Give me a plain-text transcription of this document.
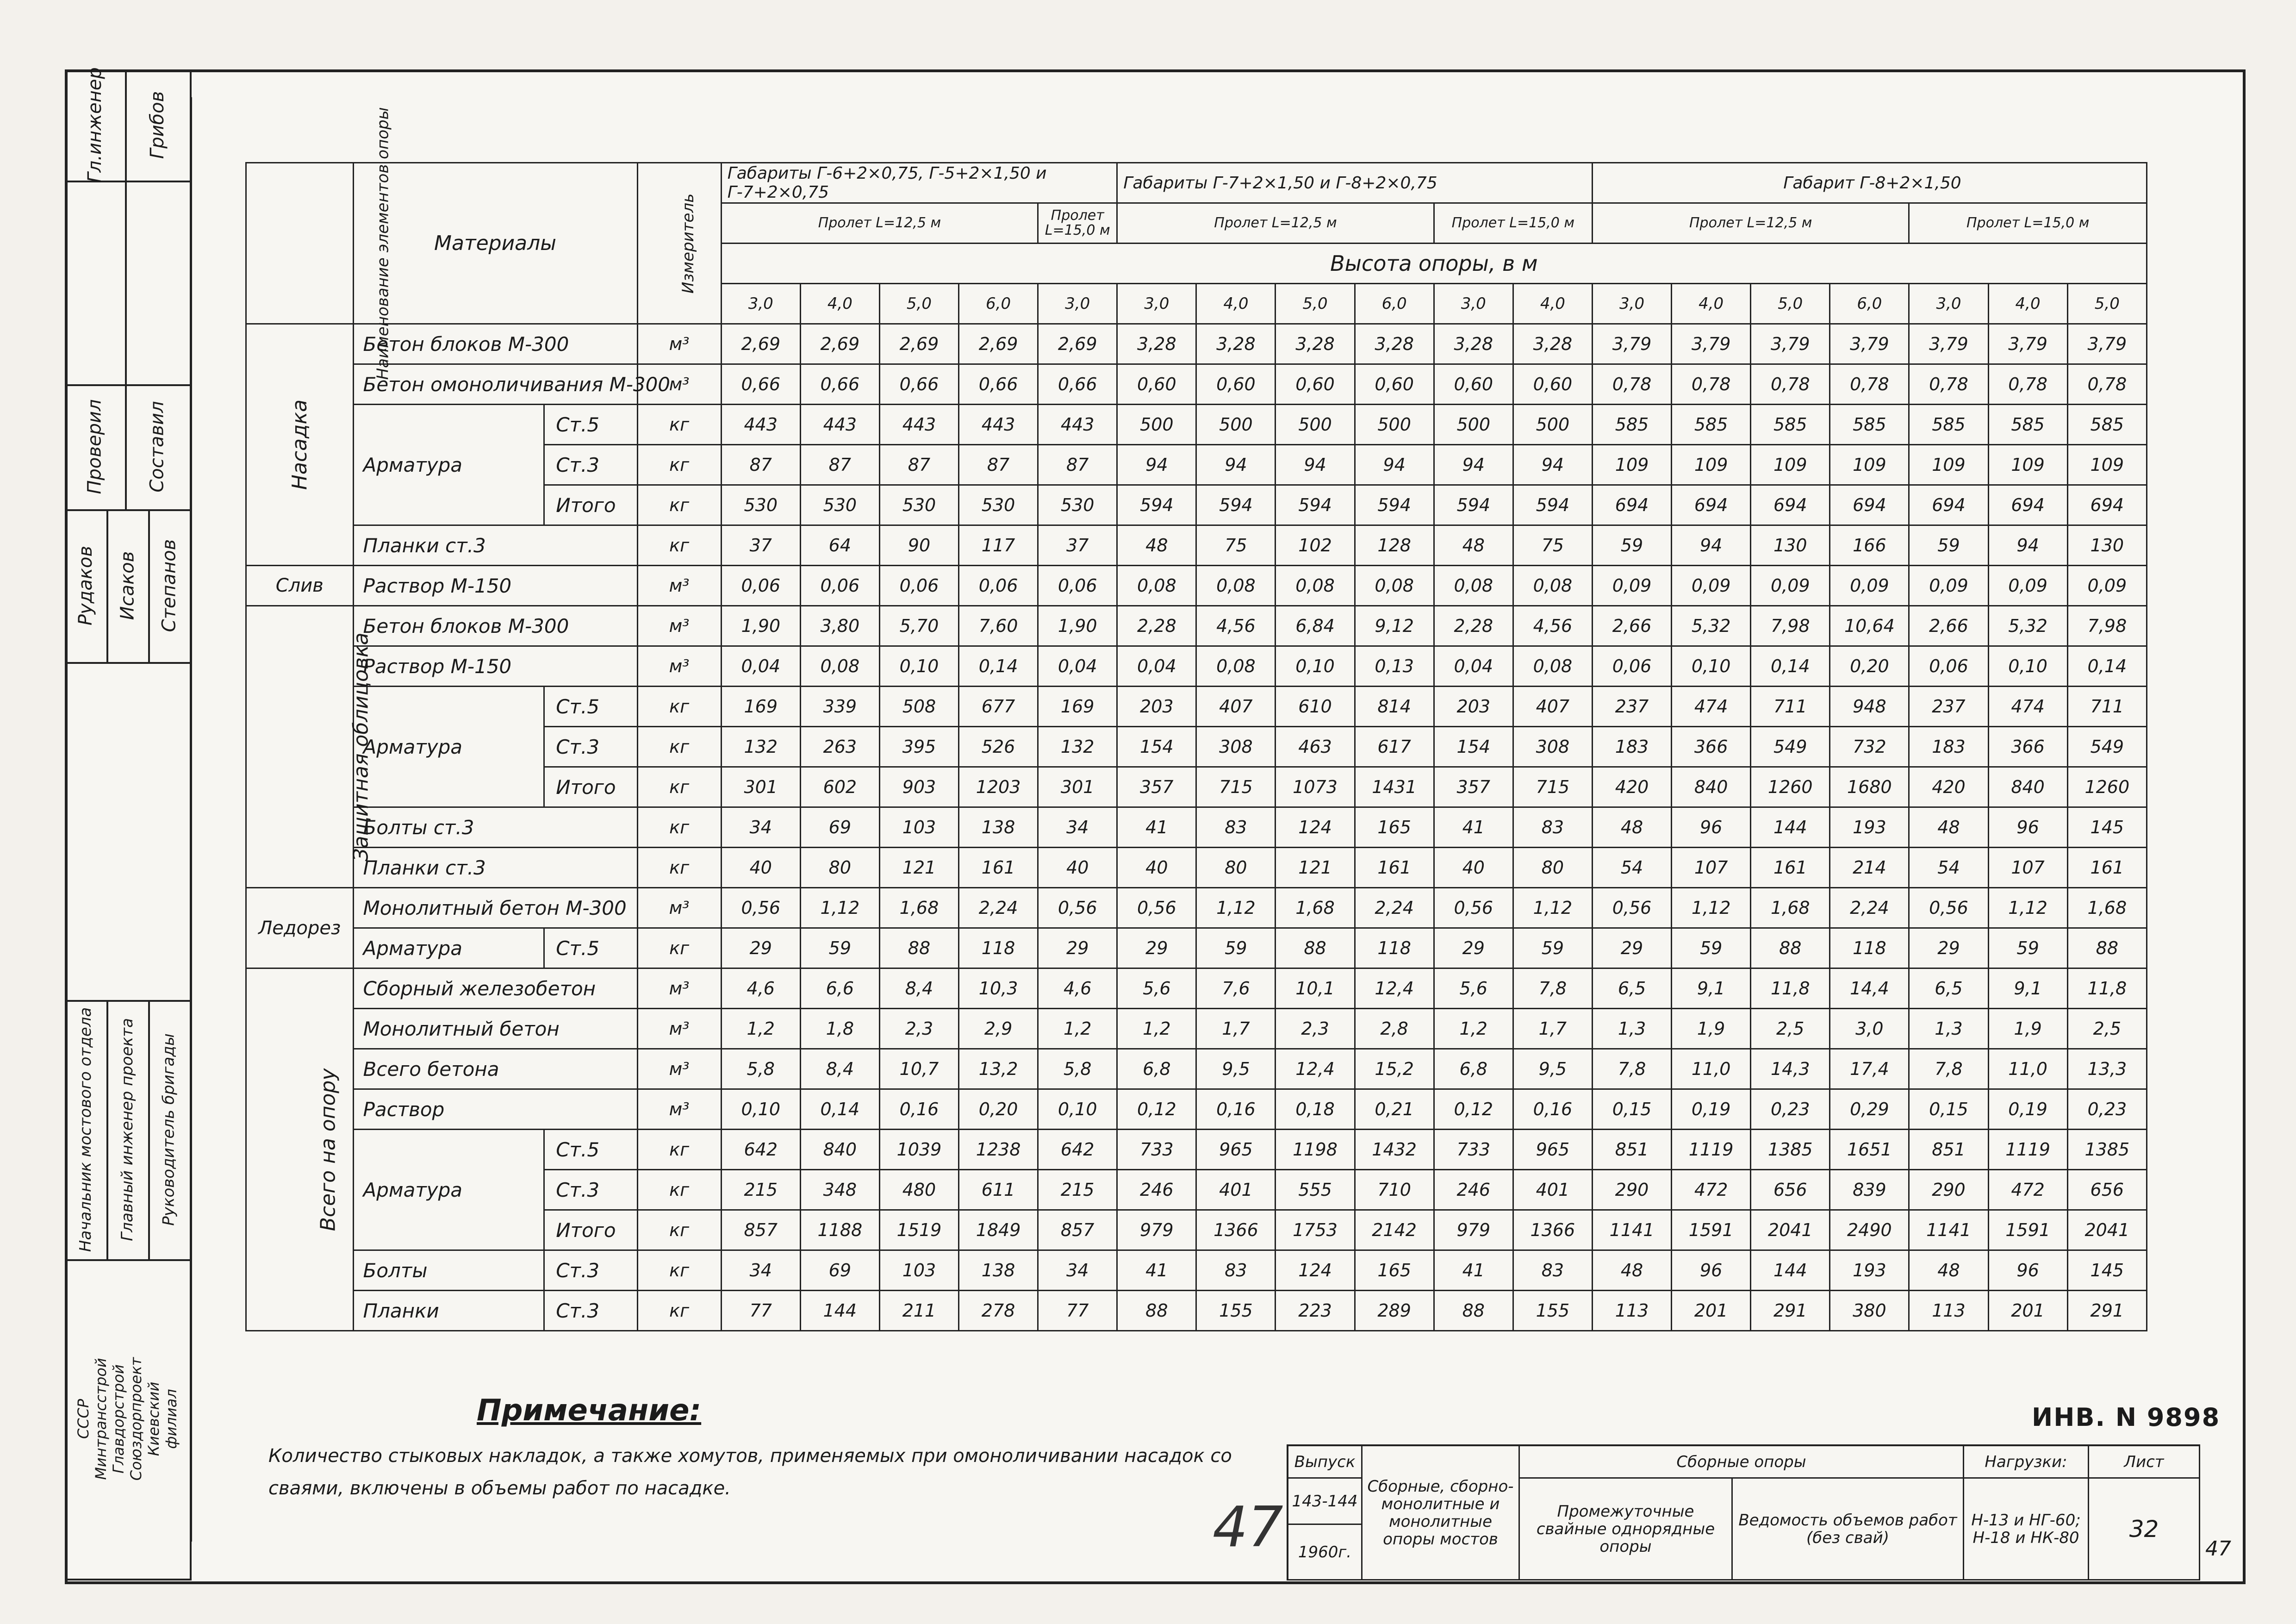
Гл.инженер Грибов
Проверил Составил
Рудаков Исаков Степанов
Начальник мостового отдела Главный инженер проекта Руководитель бригады
СССР Минтрансстрой Главдорстрой Союздорпроект Киевский филиал
Наименование элементов опоры	Материалы		Измеритель	Габариты Г-6+2×0,75, Г-5+2×1,50 и Г-7+2×0,75					Габариты Г-7+2×1,50 и Г-8+2×0,75						Габарит Г-8+2×1,50						
				Пролет L=12,5 м				Пролет L=15,0 м	Пролет L=12,5 м				Пролет L=15,0 м		Пролет L=12,5 м				Пролет L=15,0 м		
				Высота опоры, в м																	
				3,0	4,0	5,0	6,0	3,0	3,0	4,0	5,0	6,0	3,0	4,0	3,0	4,0	5,0	6,0	3,0	4,0	5,0
Насадка	Бетон блоков М-300		м³	2,69	2,69	2,69	2,69	2,69	3,28	3,28	3,28	3,28	3,28	3,28	3,79	3,79	3,79	3,79	3,79	3,79	3,79
	Бетон омоноличивания М-300		м³	0,66	0,66	0,66	0,66	0,66	0,60	0,60	0,60	0,60	0,60	0,60	0,78	0,78	0,78	0,78	0,78	0,78	0,78
	Арматура	Ст.5	кг	443	443	443	443	443	500	500	500	500	500	500	585	585	585	585	585	585	585
		Ст.3	кг	87	87	87	87	87	94	94	94	94	94	94	109	109	109	109	109	109	109
		Итого	кг	530	530	530	530	530	594	594	594	594	594	594	694	694	694	694	694	694	694
	Планки ст.3		кг	37	64	90	117	37	48	75	102	128	48	75	59	94	130	166	59	94	130
Слив	Раствор М-150		м³	0,06	0,06	0,06	0,06	0,06	0,08	0,08	0,08	0,08	0,08	0,08	0,09	0,09	0,09	0,09	0,09	0,09	0,09
Защитная облицовка	Бетон блоков М-300		м³	1,90	3,80	5,70	7,60	1,90	2,28	4,56	6,84	9,12	2,28	4,56	2,66	5,32	7,98	10,64	2,66	5,32	7,98
	Раствор М-150		м³	0,04	0,08	0,10	0,14	0,04	0,04	0,08	0,10	0,13	0,04	0,08	0,06	0,10	0,14	0,20	0,06	0,10	0,14
	Арматура	Ст.5	кг	169	339	508	677	169	203	407	610	814	203	407	237	474	711	948	237	474	711
		Ст.3	кг	132	263	395	526	132	154	308	463	617	154	308	183	366	549	732	183	366	549
		Итого	кг	301	602	903	1203	301	357	715	1073	1431	357	715	420	840	1260	1680	420	840	1260
	Болты ст.3		кг	34	69	103	138	34	41	83	124	165	41	83	48	96	144	193	48	96	145
	Планки ст.3		кг	40	80	121	161	40	40	80	121	161	40	80	54	107	161	214	54	107	161
Ледорез	Монолитный бетон М-300		м³	0,56	1,12	1,68	2,24	0,56	0,56	1,12	1,68	2,24	0,56	1,12	0,56	1,12	1,68	2,24	0,56	1,12	1,68
	Арматура	Ст.5	кг	29	59	88	118	29	29	59	88	118	29	59	29	59	88	118	29	59	88
Всего на опору	Сборный железобетон		м³	4,6	6,6	8,4	10,3	4,6	5,6	7,6	10,1	12,4	5,6	7,8	6,5	9,1	11,8	14,4	6,5	9,1	11,8
	Монолитный бетон		м³	1,2	1,8	2,3	2,9	1,2	1,2	1,7	2,3	2,8	1,2	1,7	1,3	1,9	2,5	3,0	1,3	1,9	2,5
	Всего бетона		м³	5,8	8,4	10,7	13,2	5,8	6,8	9,5	12,4	15,2	6,8	9,5	7,8	11,0	14,3	17,4	7,8	11,0	13,3
	Раствор		м³	0,10	0,14	0,16	0,20	0,10	0,12	0,16	0,18	0,21	0,12	0,16	0,15	0,19	0,23	0,29	0,15	0,19	0,23
	Арматура	Ст.5	кг	642	840	1039	1238	642	733	965	1198	1432	733	965	851	1119	1385	1651	851	1119	1385
		Ст.3	кг	215	348	480	611	215	246	401	555	710	246	401	290	472	656	839	290	472	656
		Итого	кг	857	1188	1519	1849	857	979	1366	1753	2142	979	1366	1141	1591	2041	2490	1141	1591	2041
	Болты	Ст.3	кг	34	69	103	138	34	41	83	124	165	41	83	48	96	144	193	48	96	145
	Планки	Ст.3	кг	77	144	211	278	77	88	155	223	289	88	155	113	201	291	380	113	201	291
Примечание:
Количество стыковых накладок, а также хомутов, применяемых при омоноличивании насадок со сваями, включены в объемы работ по насадке.
ИНВ. N 9898
47
Выпуск
143-144
1960г.
Сборные, сборно-монолитные и монолитные опоры мостов
Сборные опоры
Промежуточные свайные однорядные опоры
Ведомость объемов работ (без свай)
Нагрузки:
Н-13 и НГ-60; Н-18 и НК-80
Лист
32
47
